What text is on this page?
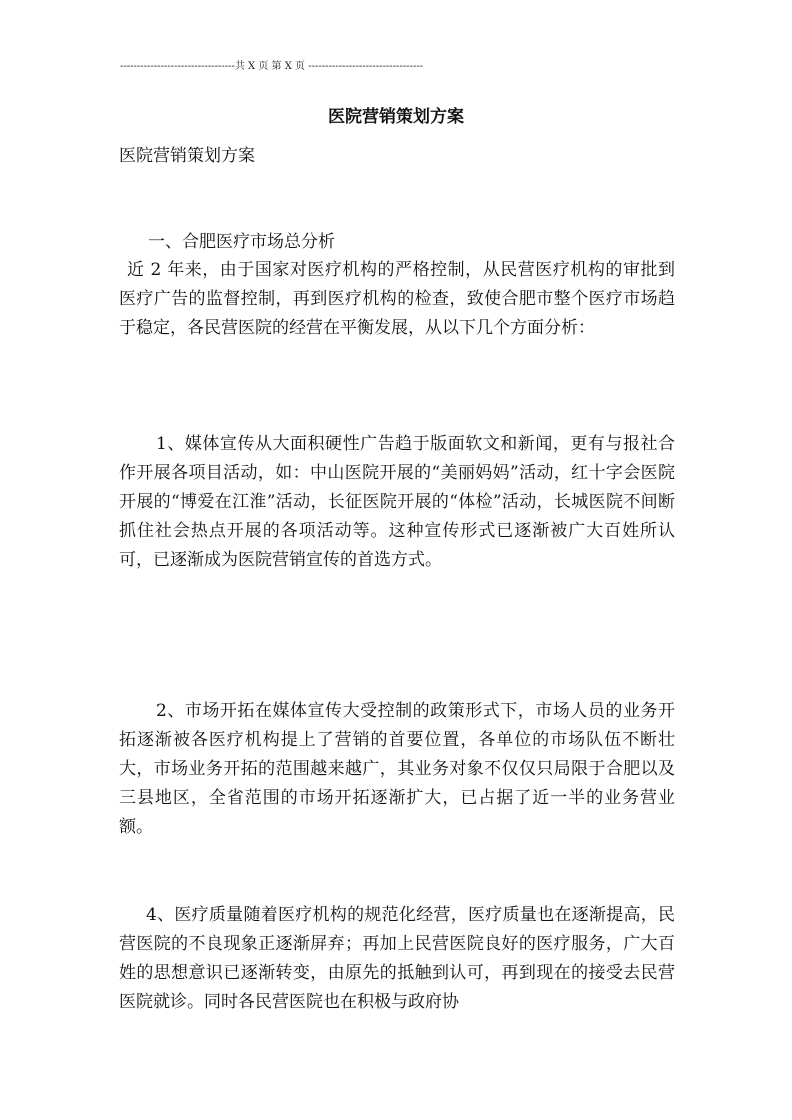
----------------------------------共 X 页 第 X 页 ----------------------------------
医院营销策划方案
医院营销策划方案
一、合肥医疗市场总分析
近 2 年来，由于国家对医疗机构的严格控制，从民营医疗机构的审批到医疗广告的监督控制，再到医疗机构的检查，致使合肥市整个医疗市场趋于稳定，各民营医院的经营在平衡发展，从以下几个方面分析：
1、媒体宣传从大面积硬性广告趋于版面软文和新闻，更有与报社合作开展各项目活动，如：中山医院开展的“美丽妈妈”活动，红十字会医院开展的“博爱在江淮”活动，长征医院开展的“体检”活动，长城医院不间断抓住社会热点开展的各项活动等。这种宣传形式已逐渐被广大百姓所认可，已逐渐成为医院营销宣传的首选方式。
2、市场开拓在媒体宣传大受控制的政策形式下，市场人员的业务开拓逐渐被各医疗机构提上了营销的首要位置，各单位的市场队伍不断壮大，市场业务开拓的范围越来越广，其业务对象不仅仅只局限于合肥以及三县地区，全省范围的市场开拓逐渐扩大，已占据了近一半的业务营业额。
4、医疗质量随着医疗机构的规范化经营，医疗质量也在逐渐提高，民营医院的不良现象正逐渐屏弃；再加上民营医院良好的医疗服务，广大百姓的思想意识已逐渐转变，由原先的抵触到认可，再到现在的接受去民营医院就诊。同时各民营医院也在积极与政府协
